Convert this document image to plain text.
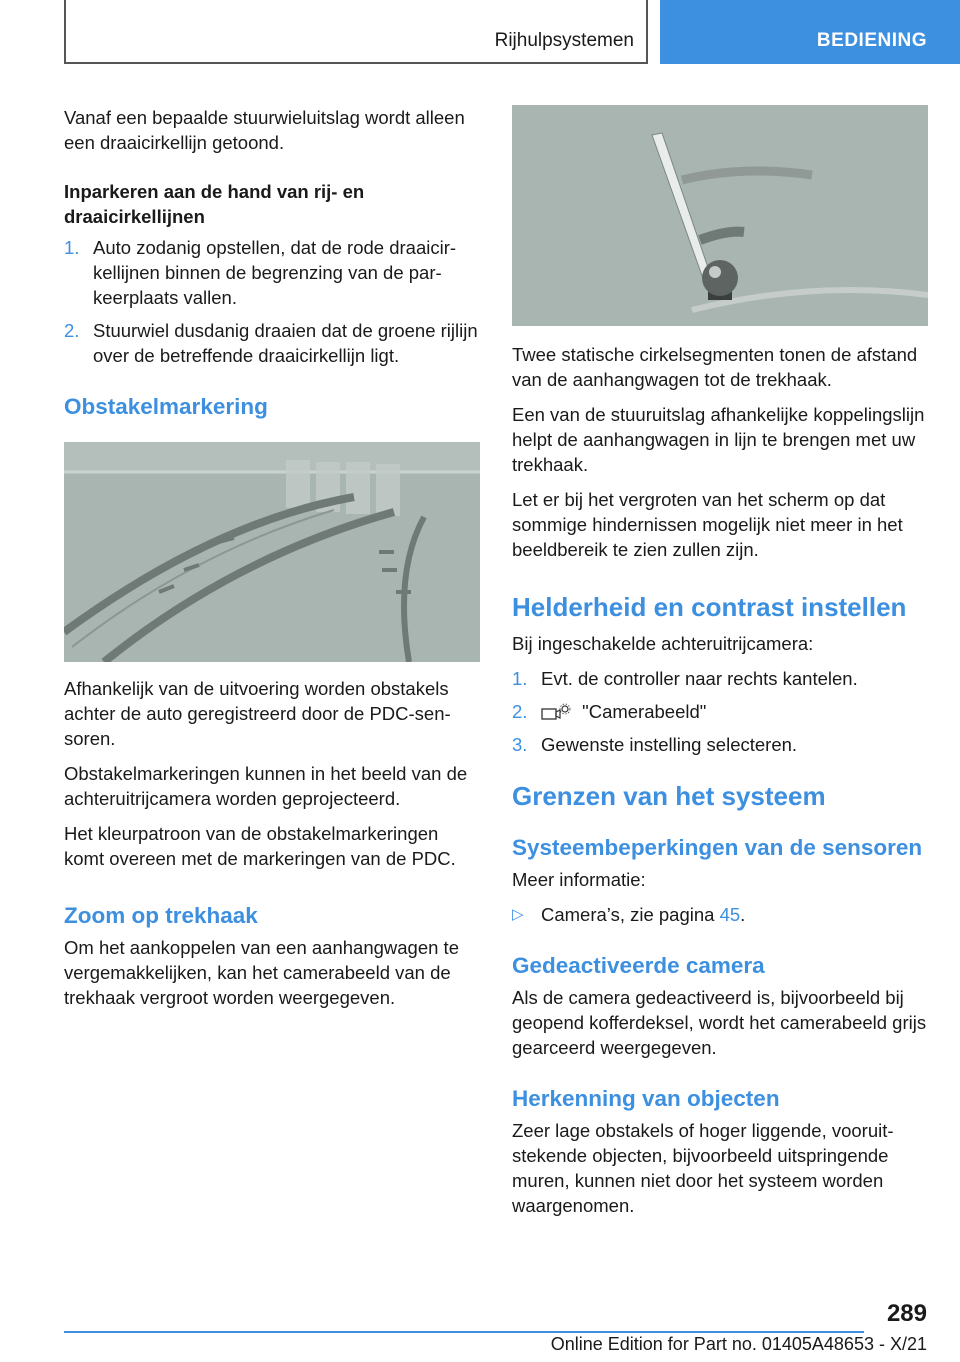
Rijhulpsystemen	BEDIENING

Vanaf een bepaalde stuurwieluitslag wordt alleen een draaicirkellijn getoond.

Inparkeren aan de hand van rij- en draaicirkellijnen
1. Auto zodanig opstellen, dat de rode draaicirkellijnen binnen de begrenzing van de parkeerplaats vallen.
2. Stuurwiel dusdanig draaien dat de groene rijlijn over de betreffende draaicirkellijn ligt.
Obstakelmarkering

Afhankelijk van de uitvoering worden obstakels achter de auto geregistreerd door de PDC-sensoren.

Obstakelmarkeringen kunnen in het beeld van de achteruitrijcamera worden geprojecteerd.

Het kleurpatroon van de obstakelmarkeringen komt overeen met de markeringen van de PDC.

Zoom op trekhaak

Om het aankoppelen van een aanhangwagen te vergemakkelijken, kan het camerabeeld van de trekhaak vergroot worden weergegeven.

Twee statische cirkelsegmenten tonen de afstand van de aanhangwagen tot de trekhaak.

Een van de stuuruitslag afhankelijke koppelingslijn helpt de aanhangwagen in lijn te brengen met uw trekhaak.

Let er bij het vergroten van het scherm op dat sommige hindernissen mogelijk niet meer in het beeldbereik te zien zullen zijn.

Helderheid en contrast instellen

Bij ingeschakelde achteruitrijcamera:

1. Evt. de controller naar rechts kantelen.
2.	"Camerabeeld"
3. Gewenste instelling selecteren.
Grenzen van het systeem
Systeembeperkingen van de sensoren

Meer informatie:

▷ Camera’s, zie pagina 45.
Gedeactiveerde camera

Als de camera gedeactiveerd is, bijvoorbeeld bij geopend kofferdeksel, wordt het camerabeeld grijs gearceerd weergegeven.

Herkenning van objecten

Zeer lage obstakels of hoger liggende, vooruitstekende objecten, bijvoorbeeld uitspringende muren, kunnen niet door het systeem worden waargenomen.

289
Online Edition for Part no. 01405A48653 - X/21
